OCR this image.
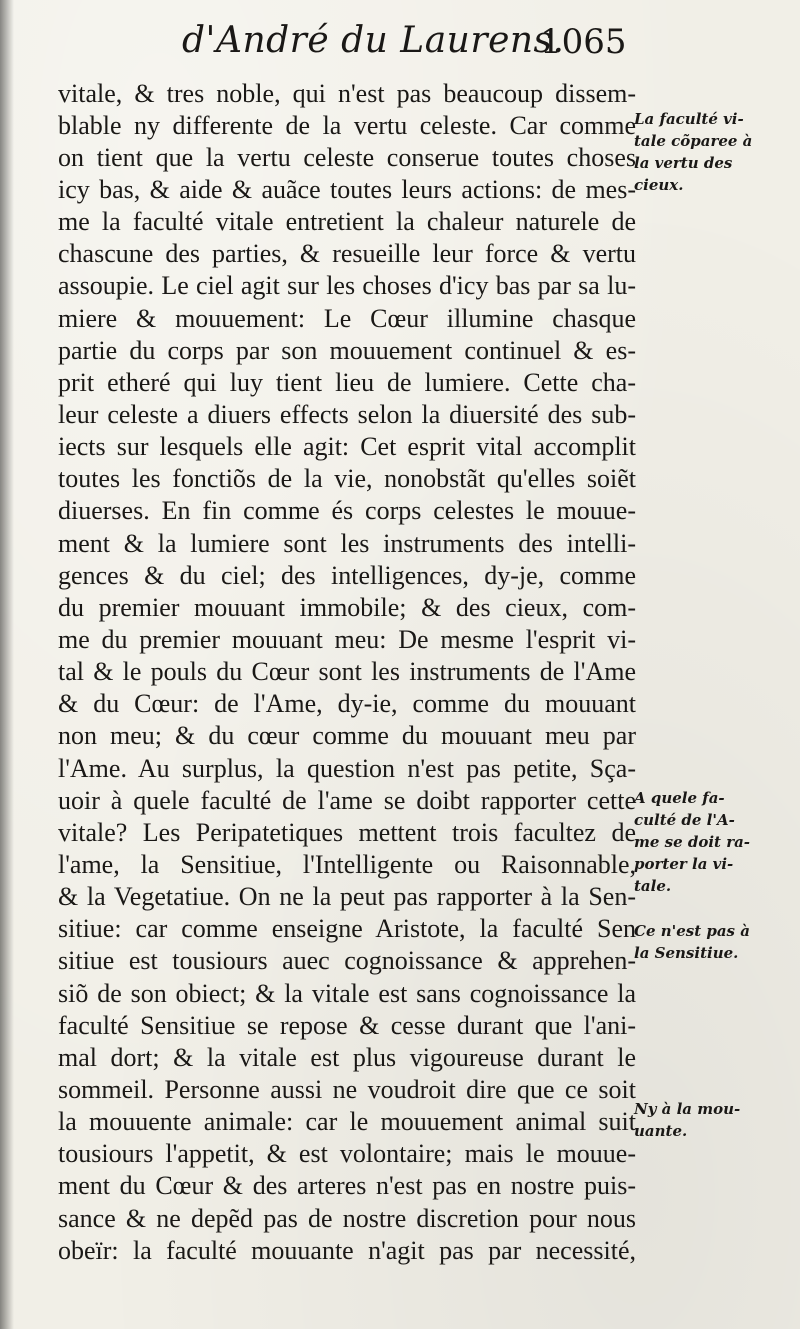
d'André du Laurens.
1065
vitale, & tres noble, qui n'est pas beaucoup dissem-
blable ny differente de la vertu celeste. Car comme
on tient que la vertu celeste conserue toutes choses
icy bas, & aide & auãce toutes leurs actions: de mes-
me la faculté vitale entretient la chaleur naturele de
chascune des parties, & resueille leur force & vertu
assoupie. Le ciel agit sur les choses d'icy bas par sa lu-
miere & mouuement: Le Cœur illumine chasque
partie du corps par son mouuement continuel & es-
prit etheré qui luy tient lieu de lumiere. Cette cha-
leur celeste a diuers effects selon la diuersité des sub-
iects sur lesquels elle agit: Cet esprit vital accomplit
toutes les fonctiõs de la vie, nonobstãt qu'elles soiẽt
diuerses. En fin comme és corps celestes le mouue-
ment & la lumiere sont les instruments des intelli-
gences & du ciel; des intelligences, dy-je, comme
du premier mouuant immobile; & des cieux, com-
me du premier mouuant meu: De mesme l'esprit vi-
tal & le pouls du Cœur sont les instruments de l'Ame
& du Cœur: de l'Ame, dy-ie, comme du mouuant
non meu; & du cœur comme du mouuant meu par
l'Ame. Au surplus, la question n'est pas petite, Sça-
uoir à quele faculté de l'ame se doibt rapporter cette
vitale? Les Peripatetiques mettent trois facultez de
l'ame, la Sensitiue, l'Intelligente ou Raisonnable,
& la Vegetatiue. On ne la peut pas rapporter à la Sen-
sitiue: car comme enseigne Aristote, la faculté Sen
sitiue est tousiours auec cognoissance & apprehen-
siõ de son obiect; & la vitale est sans cognoissance la
faculté Sensitiue se repose & cesse durant que l'ani-
mal dort; & la vitale est plus vigoureuse durant le
sommeil. Personne aussi ne voudroit dire que ce soit
la mouuente animale: car le mouuement animal suit
tousiours l'appetit, & est volontaire; mais le mouue-
ment du Cœur & des arteres n'est pas en nostre puis-
sance & ne depẽd pas de nostre discretion pour nous
obeïr: la faculté mouuante n'agit pas par necessité,
La faculté vi-
tale cõparee à
la vertu des
cieux.
A quele fa-
culté de l'A-
me se doit ra-
porter la vi-
tale.
Ce n'est pas à
la Sensitiue.
Ny à la mou-
uante.
